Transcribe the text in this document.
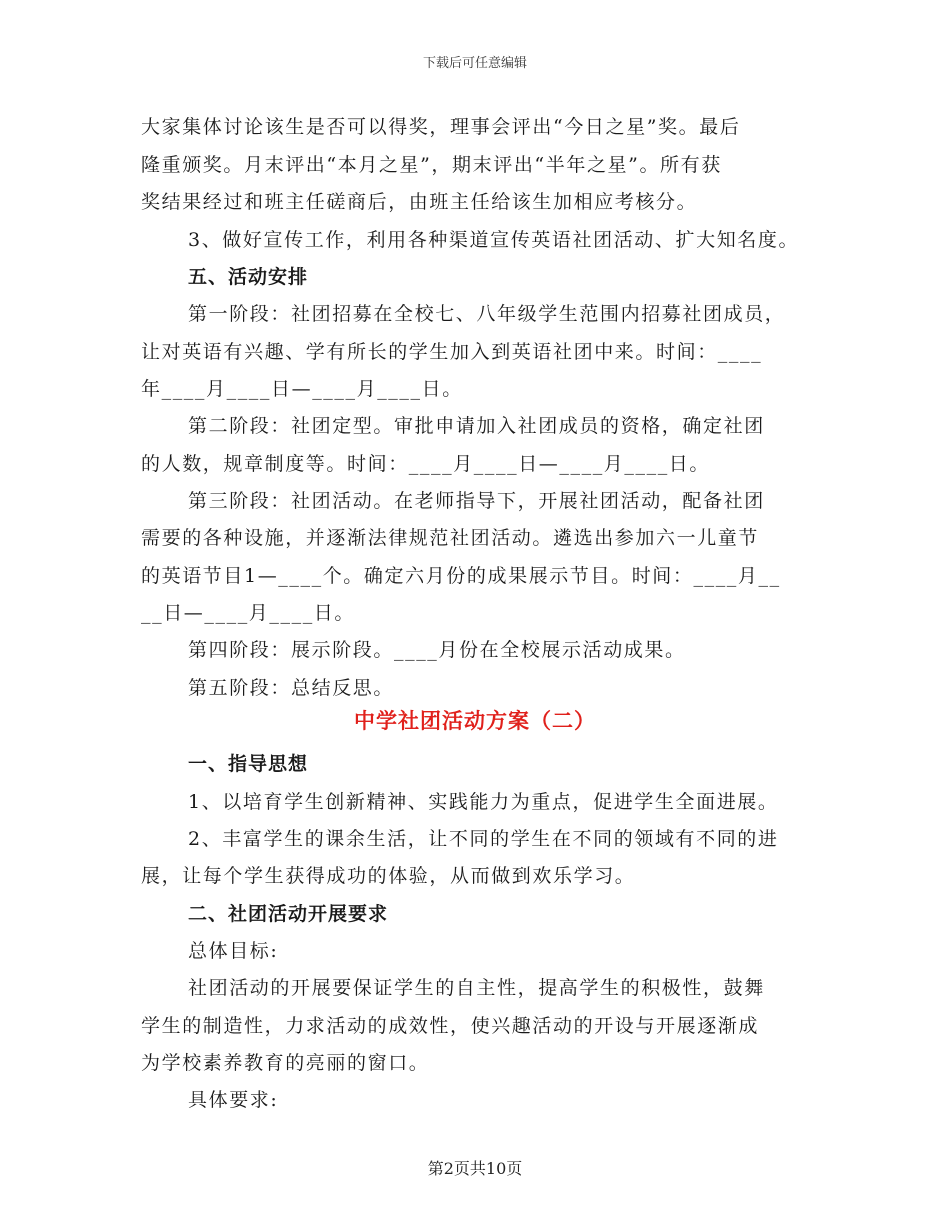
下载后可任意编辑
大家集体讨论该生是否可以得奖，理事会评出“今日之星”奖。最后
隆重颁奖。月末评出“本月之星”，期末评出“半年之星”。所有获
奖结果经过和班主任磋商后，由班主任给该生加相应考核分。
3、做好宣传工作，利用各种渠道宣传英语社团活动、扩大知名度。
五、活动安排
第一阶段：社团招募在全校七、八年级学生范围内招募社团成员，
让对英语有兴趣、学有所长的学生加入到英语社团中来。时间：____
年____月____日—____月____日。
第二阶段：社团定型。审批申请加入社团成员的资格，确定社团
的人数，规章制度等。时间：____月____日—____月____日。
第三阶段：社团活动。在老师指导下，开展社团活动，配备社团
需要的各种设施，并逐渐法律规范社团活动。遴选出参加六一儿童节
的英语节目1—____个。确定六月份的成果展示节目。时间：____月__
__日—____月____日。
第四阶段：展示阶段。____月份在全校展示活动成果。
第五阶段：总结反思。
中学社团活动方案（二）
一、指导思想
1、以培育学生创新精神、实践能力为重点，促进学生全面进展。
2、丰富学生的课余生活，让不同的学生在不同的领域有不同的进
展，让每个学生获得成功的体验，从而做到欢乐学习。
二、社团活动开展要求
总体目标:
社团活动的开展要保证学生的自主性，提高学生的积极性，鼓舞
学生的制造性，力求活动的成效性，使兴趣活动的开设与开展逐渐成
为学校素养教育的亮丽的窗口。
具体要求:
第2页共10页
